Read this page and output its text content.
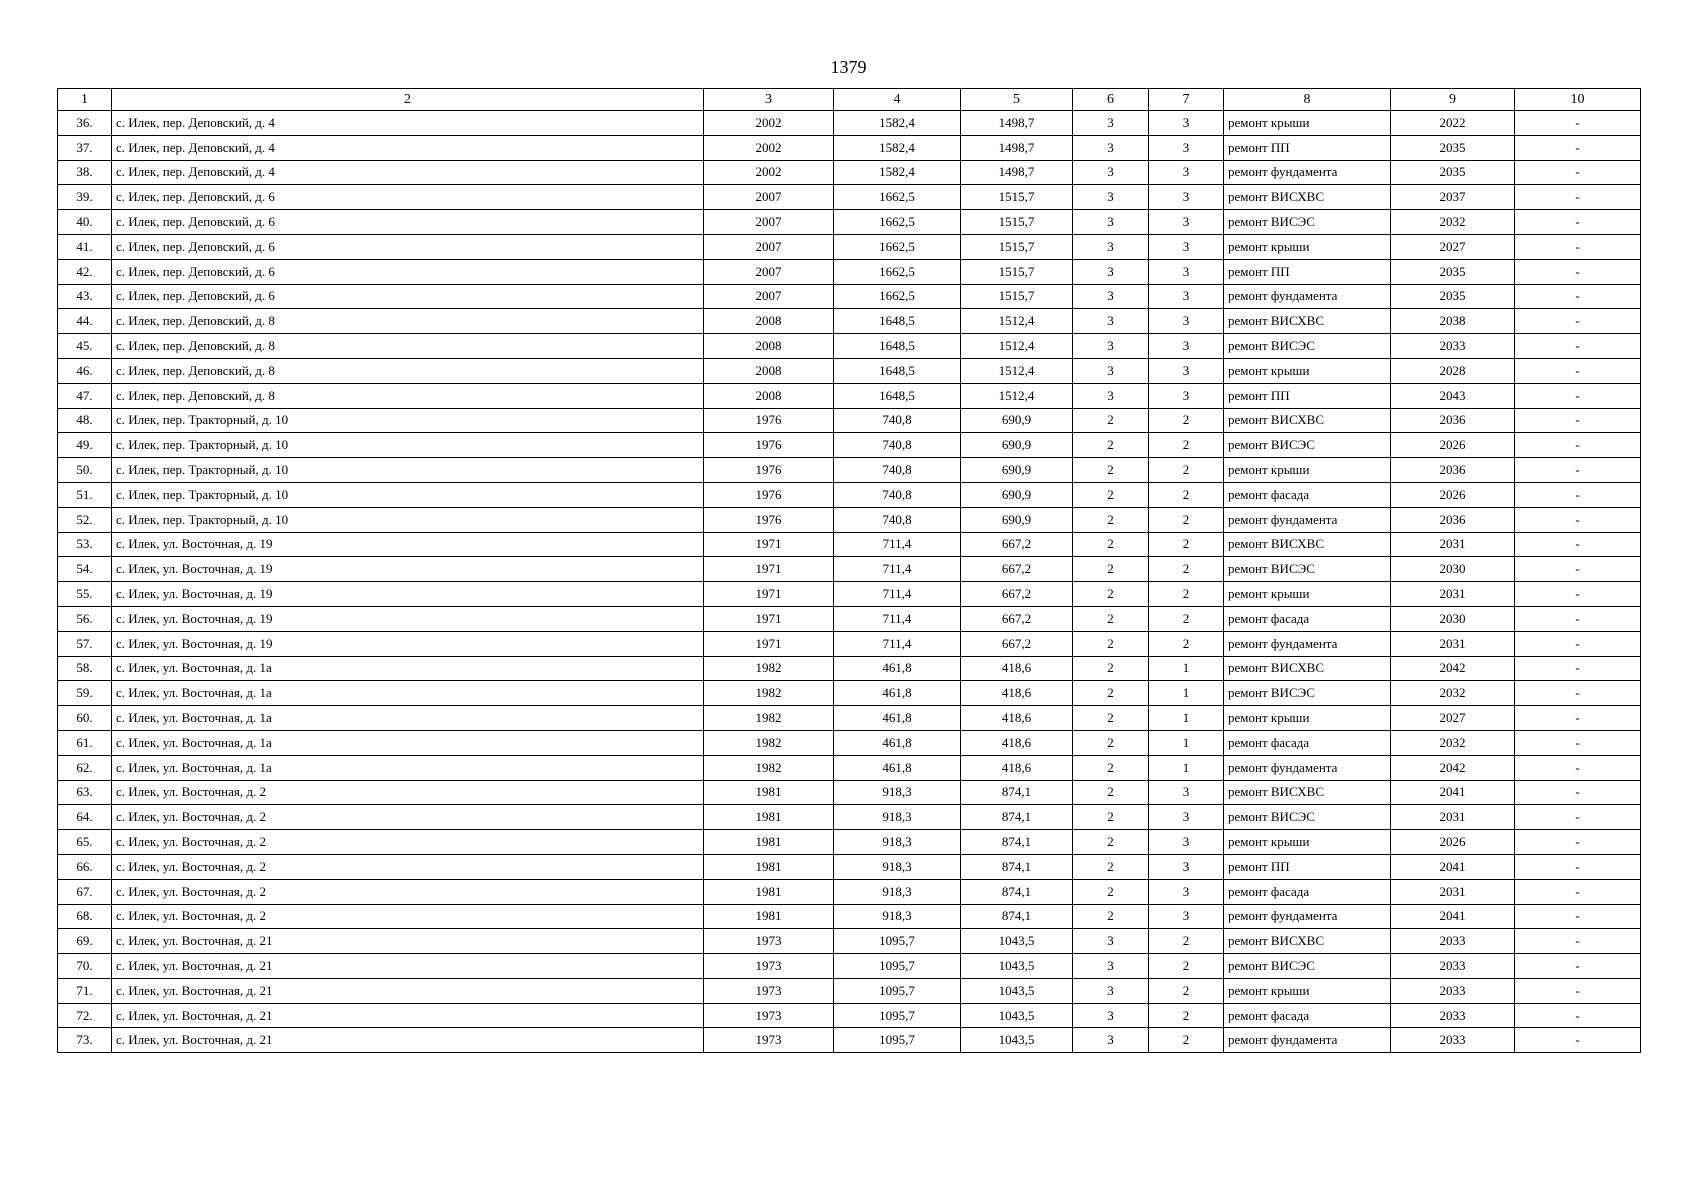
1379
1	2	3	4	5	6	7	8	9	10
36.	с. Илек, пер. Деповский, д. 4	2002	1582,4	1498,7	3	3	ремонт крыши	2022	-
37.	с. Илек, пер. Деповский, д. 4	2002	1582,4	1498,7	3	3	ремонт ПП	2035	-
38.	с. Илек, пер. Деповский, д. 4	2002	1582,4	1498,7	3	3	ремонт фундамента	2035	-
39.	с. Илек, пер. Деповский, д. 6	2007	1662,5	1515,7	3	3	ремонт ВИСХВС	2037	-
40.	с. Илек, пер. Деповский, д. 6	2007	1662,5	1515,7	3	3	ремонт ВИСЭС	2032	-
41.	с. Илек, пер. Деповский, д. 6	2007	1662,5	1515,7	3	3	ремонт крыши	2027	-
42.	с. Илек, пер. Деповский, д. 6	2007	1662,5	1515,7	3	3	ремонт ПП	2035	-
43.	с. Илек, пер. Деповский, д. 6	2007	1662,5	1515,7	3	3	ремонт фундамента	2035	-
44.	с. Илек, пер. Деповский, д. 8	2008	1648,5	1512,4	3	3	ремонт ВИСХВС	2038	-
45.	с. Илек, пер. Деповский, д. 8	2008	1648,5	1512,4	3	3	ремонт ВИСЭС	2033	-
46.	с. Илек, пер. Деповский, д. 8	2008	1648,5	1512,4	3	3	ремонт крыши	2028	-
47.	с. Илек, пер. Деповский, д. 8	2008	1648,5	1512,4	3	3	ремонт ПП	2043	-
48.	с. Илек, пер. Тракторный, д. 10	1976	740,8	690,9	2	2	ремонт ВИСХВС	2036	-
49.	с. Илек, пер. Тракторный, д. 10	1976	740,8	690,9	2	2	ремонт ВИСЭС	2026	-
50.	с. Илек, пер. Тракторный, д. 10	1976	740,8	690,9	2	2	ремонт крыши	2036	-
51.	с. Илек, пер. Тракторный, д. 10	1976	740,8	690,9	2	2	ремонт фасада	2026	-
52.	с. Илек, пер. Тракторный, д. 10	1976	740,8	690,9	2	2	ремонт фундамента	2036	-
53.	с. Илек, ул. Восточная, д. 19	1971	711,4	667,2	2	2	ремонт ВИСХВС	2031	-
54.	с. Илек, ул. Восточная, д. 19	1971	711,4	667,2	2	2	ремонт ВИСЭС	2030	-
55.	с. Илек, ул. Восточная, д. 19	1971	711,4	667,2	2	2	ремонт крыши	2031	-
56.	с. Илек, ул. Восточная, д. 19	1971	711,4	667,2	2	2	ремонт фасада	2030	-
57.	с. Илек, ул. Восточная, д. 19	1971	711,4	667,2	2	2	ремонт фундамента	2031	-
58.	с. Илек, ул. Восточная, д. 1а	1982	461,8	418,6	2	1	ремонт ВИСХВС	2042	-
59.	с. Илек, ул. Восточная, д. 1а	1982	461,8	418,6	2	1	ремонт ВИСЭС	2032	-
60.	с. Илек, ул. Восточная, д. 1а	1982	461,8	418,6	2	1	ремонт крыши	2027	-
61.	с. Илек, ул. Восточная, д. 1а	1982	461,8	418,6	2	1	ремонт фасада	2032	-
62.	с. Илек, ул. Восточная, д. 1а	1982	461,8	418,6	2	1	ремонт фундамента	2042	-
63.	с. Илек, ул. Восточная, д. 2	1981	918,3	874,1	2	3	ремонт ВИСХВС	2041	-
64.	с. Илек, ул. Восточная, д. 2	1981	918,3	874,1	2	3	ремонт ВИСЭС	2031	-
65.	с. Илек, ул. Восточная, д. 2	1981	918,3	874,1	2	3	ремонт крыши	2026	-
66.	с. Илек, ул. Восточная, д. 2	1981	918,3	874,1	2	3	ремонт ПП	2041	-
67.	с. Илек, ул. Восточная, д. 2	1981	918,3	874,1	2	3	ремонт фасада	2031	-
68.	с. Илек, ул. Восточная, д. 2	1981	918,3	874,1	2	3	ремонт фундамента	2041	-
69.	с. Илек, ул. Восточная, д. 21	1973	1095,7	1043,5	3	2	ремонт ВИСХВС	2033	-
70.	с. Илек, ул. Восточная, д. 21	1973	1095,7	1043,5	3	2	ремонт ВИСЭС	2033	-
71.	с. Илек, ул. Восточная, д. 21	1973	1095,7	1043,5	3	2	ремонт крыши	2033	-
72.	с. Илек, ул. Восточная, д. 21	1973	1095,7	1043,5	3	2	ремонт фасада	2033	-
73.	с. Илек, ул. Восточная, д. 21	1973	1095,7	1043,5	3	2	ремонт фундамента	2033	-
